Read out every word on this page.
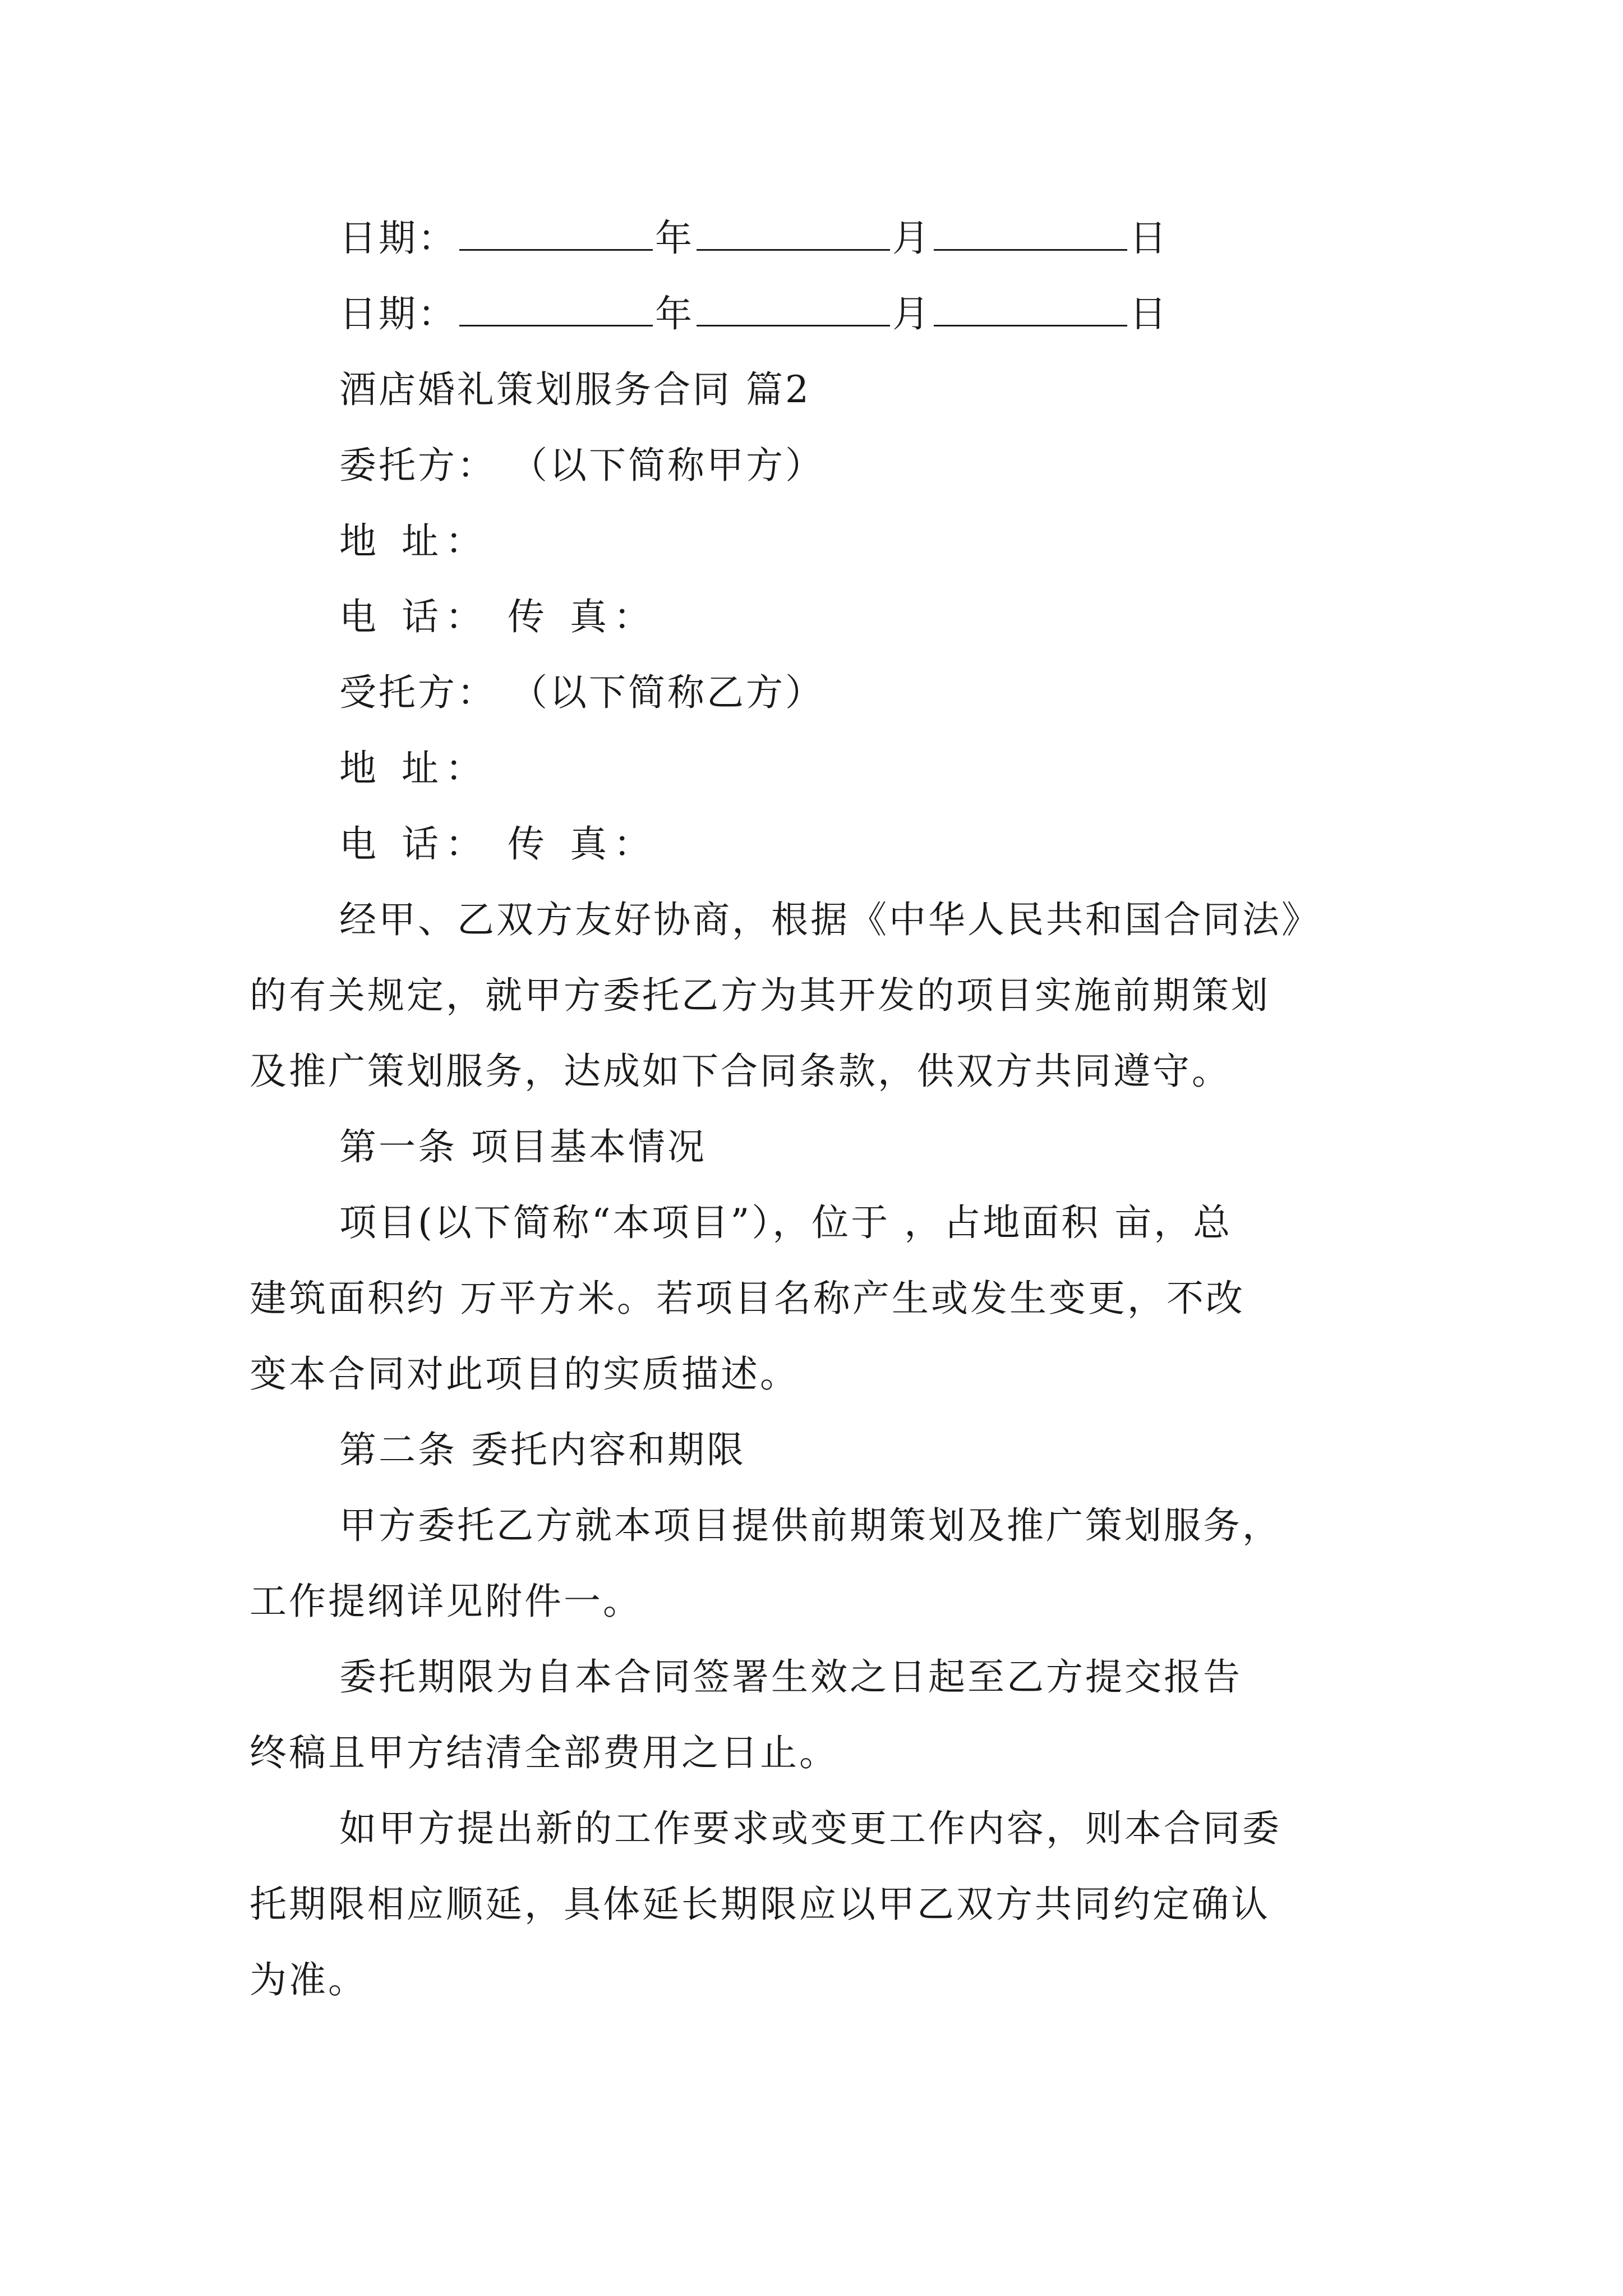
日期：	年	月	日
日期：	年	月	日
酒店婚礼策划服务合同 篇2
委托方： （以下简称甲方）
地 址：
电 话： 传 真：
受托方： （以下简称乙方）
地 址：
电 话： 传 真：
经甲、乙双方友好协商，根据《中华人民共和国合同法》
的有关规定，就甲方委托乙方为其开发的项目实施前期策划
及推广策划服务，达成如下合同条款，供双方共同遵守。
第一条 项目基本情况
项目(以下简称“本项目”），位于 ，占地面积 亩，总
建筑面积约 万平方米。若项目名称产生或发生变更，不改
变本合同对此项目的实质描述。
第二条 委托内容和期限
甲方委托乙方就本项目提供前期策划及推广策划服务，
工作提纲详见附件一。
委托期限为自本合同签署生效之日起至乙方提交报告
终稿且甲方结清全部费用之日止。
如甲方提出新的工作要求或变更工作内容，则本合同委
托期限相应顺延，具体延长期限应以甲乙双方共同约定确认
为准。
